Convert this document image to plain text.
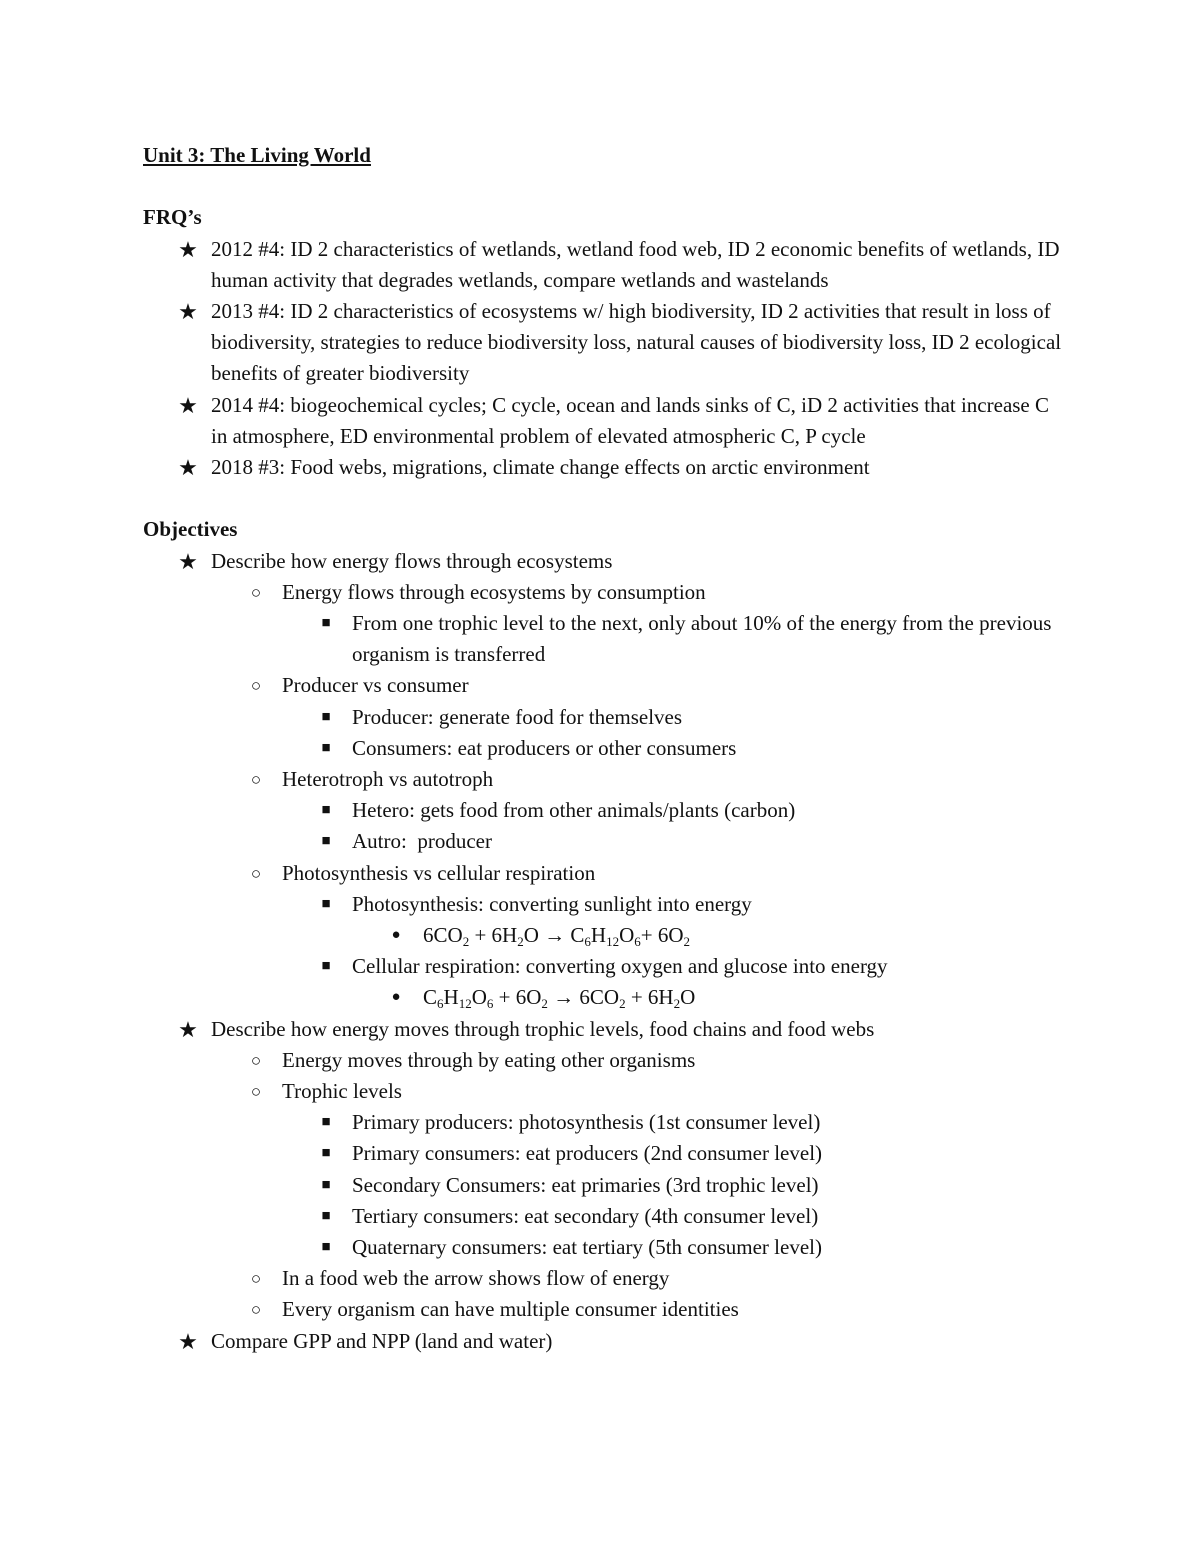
Unit 3: The Living World
FRQ’s
★ 2012 #4: ID 2 characteristics of wetlands, wetland food web, ID 2 economic benefits of wetlands, ID human activity that degrades wetlands, compare wetlands and wastelands
★ 2013 #4: ID 2 characteristics of ecosystems w/ high biodiversity, ID 2 activities that result in loss of biodiversity, strategies to reduce biodiversity loss, natural causes of biodiversity loss, ID 2 ecological benefits of greater biodiversity
★ 2014 #4: biogeochemical cycles; C cycle, ocean and lands sinks of C, iD 2 activities that increase C in atmosphere, ED environmental problem of elevated atmospheric C, P cycle
★ 2018 #3: Food webs, migrations, climate change effects on arctic environment
Objectives
★ Describe how energy flows through ecosystems
○ Energy flows through ecosystems by consumption
■	From one trophic level to the next, only about 10% of the energy from the previous organism is transferred
○ Producer vs consumer
■	Producer: generate food for themselves
■	Consumers: eat producers or other consumers
○ Heterotroph vs autotroph
■	Hetero: gets food from other animals/plants (carbon)
■	Autro:  producer
○ Photosynthesis vs cellular respiration
■	Photosynthesis: converting sunlight into energy
●	$6CO_2 + 6H_2O \to C_6H_{12}O_6+ 6O_2$
■	Cellular respiration: converting oxygen and glucose into energy
●	$C_6H_{12}O_6 + 6O_2 \to 6CO_2 + 6H_2O$
★ Describe how energy moves through trophic levels, food chains and food webs
○ Energy moves through by eating other organisms
○ Trophic levels
■	Primary producers: photosynthesis (1st consumer level)
■	Primary consumers: eat producers (2nd consumer level)
■	Secondary Consumers: eat primaries (3rd trophic level)
■	Tertiary consumers: eat secondary (4th consumer level)
■	Quaternary consumers: eat tertiary (5th consumer level)
○ In a food web the arrow shows flow of energy
○ Every organism can have multiple consumer identities
★ Compare GPP and NPP (land and water)
